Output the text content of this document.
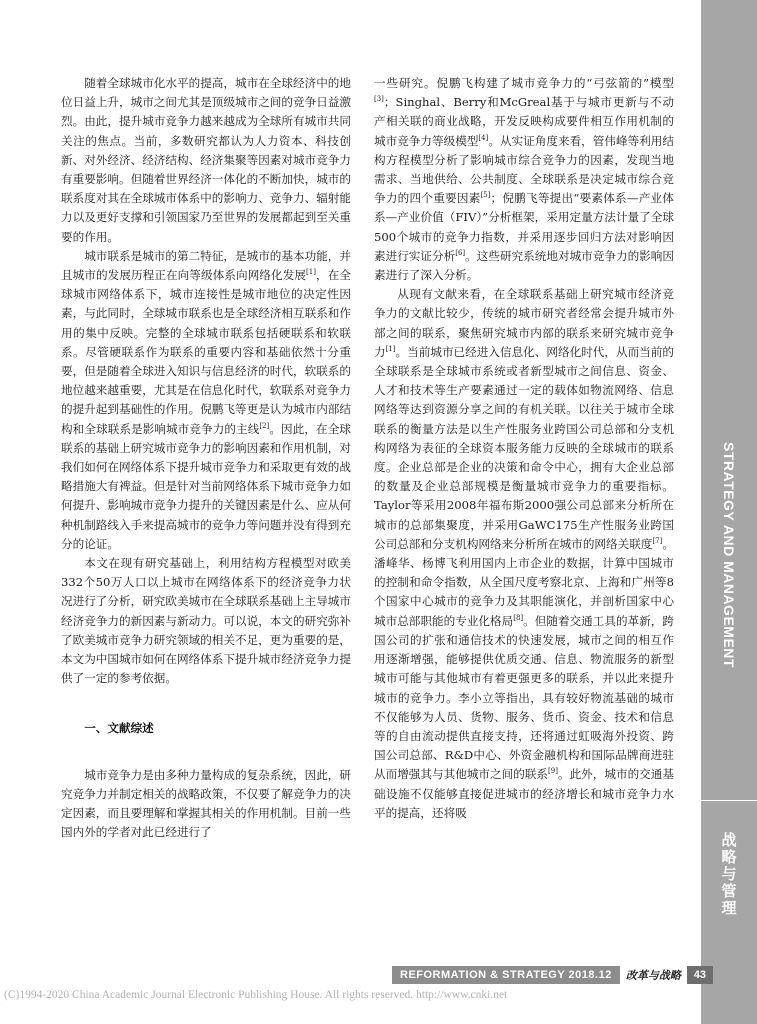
随着全球城市化水平的提高，城市在全球经济中的地位日益上升，城市之间尤其是顶级城市之间的竞争日益激烈。由此，提升城市竞争力越来越成为全球所有城市共同关注的焦点。当前，多数研究都认为人力资本、科技创新、对外经济、经济结构、经济集聚等因素对城市竞争力有重要影响。但随着世界经济一体化的不断加快，城市的联系度对其在全球城市体系中的影响力、竞争力、辐射能力以及更好支撑和引领国家乃至世界的发展都起到至关重要的作用。

城市联系是城市的第二特征，是城市的基本功能，并且城市的发展历程正在向等级体系向网络化发展[1]，在全球城市网络体系下，城市连接性是城市地位的决定性因素，与此同时，全球城市联系也是全球经济相互联系和作用的集中反映。完整的全球城市联系包括硬联系和软联系。尽管硬联系作为联系的重要内容和基础依然十分重要，但是随着全球进入知识与信息经济的时代，软联系的地位越来越重要，尤其是在信息化时代，软联系对竞争力的提升起到基础性的作用。倪鹏飞等更是认为城市内部结构和全球联系是影响城市竞争力的主线[2]。因此，在全球联系的基础上研究城市竞争力的影响因素和作用机制，对我们如何在网络体系下提升城市竞争力和采取更有效的战略措施大有裨益。但是针对当前网络体系下城市竞争力如何提升、影响城市竞争力提升的关键因素是什么、应从何种机制路线入手来提高城市的竞争力等问题并没有得到充分的论证。

本文在现有研究基础上，利用结构方程模型对欧美332个50万人口以上城市在网络体系下的经济竞争力状况进行了分析，研究欧美城市在全球联系基础上主导城市经济竞争力的新因素与新动力。可以说，本文的研究弥补了欧美城市竞争力研究领域的相关不足，更为重要的是，本文为中国城市如何在网络体系下提升城市经济竞争力提供了一定的参考依据。

一、文献综述

城市竞争力是由多种力量构成的复杂系统，因此，研究竞争力并制定相关的战略政策，不仅要了解竞争力的决定因素，而且要理解和掌握其相关的作用机制。目前一些国内外的学者对此已经进行了

一些研究。倪鹏飞构建了城市竞争力的“弓弦箭的”模型[3]；Singhal、Berry和McGreal基于与城市更新与不动产相关联的商业战略，开发反映构成要件相互作用机制的城市竞争力等级模型[4]。从实证角度来看，管伟峰等利用结构方程模型分析了影响城市综合竞争力的因素，发现当地需求、当地供给、公共制度、全球联系是决定城市综合竞争力的四个重要因素[5]；倪鹏飞等提出“要素体系—产业体系—产业价值（FIV）”分析框架，采用定量方法计量了全球500个城市的竞争力指数，并采用逐步回归方法对影响因素进行实证分析[6]。这些研究系统地对城市竞争力的影响因素进行了深入分析。

从现有文献来看，在全球联系基础上研究城市经济竞争力的文献比较少，传统的城市研究者经常会提升城市外部之间的联系，聚焦研究城市内部的联系来研究城市竞争力[1]。当前城市已经进入信息化、网络化时代，从而当前的全球联系是全球城市系统或者新型城市之间信息、资金、人才和技术等生产要素通过一定的载体如物流网络、信息网络等达到资源分享之间的有机关联。以往关于城市全球联系的衡量方法是以生产性服务业跨国公司总部和分支机构网络为表征的全球资本服务能力反映的全球城市的联系度。企业总部是企业的决策和命令中心，拥有大企业总部的数量及企业总部规模是衡量城市竞争力的重要指标。Taylor等采用2008年福布斯2000强公司总部来分析所在城市的总部集聚度，并采用GaWC175生产性服务业跨国公司总部和分支机构网络来分析所在城市的网络关联度[7]。潘峰华、杨博飞利用国内上市企业的数据，计算中国城市的控制和命令指数，从全国尺度考察北京、上海和广州等8个国家中心城市的竞争力及其职能演化，并剖析国家中心城市总部职能的专业化格局[8]。但随着交通工具的革新，跨国公司的扩张和通信技术的快速发展，城市之间的相互作用逐渐增强，能够提供优质交通、信息、物流服务的新型城市可能与其他城市有着更强更多的联系，并以此来提升城市的竞争力。李小立等指出，具有较好物流基础的城市不仅能够为人员、货物、服务、货币、资金、技术和信息等的自由流动提供直接支持，还将通过虹吸海外投资、跨国公司总部、R&D中心、外资金融机构和国际品牌商进驻从而增强其与其他城市之间的联系[9]。此外，城市的交通基础设施不仅能够直接促进城市的经济增长和城市竞争力水平的提高，还将吸

STRATEGY AND MANAGEMENT
战略与管理
REFORMATION & STRATEGY 2018.12	改革与战略	43
(C)1994-2020 China Academic Journal Electronic Publishing House. All rights reserved. http://www.cnki.net
